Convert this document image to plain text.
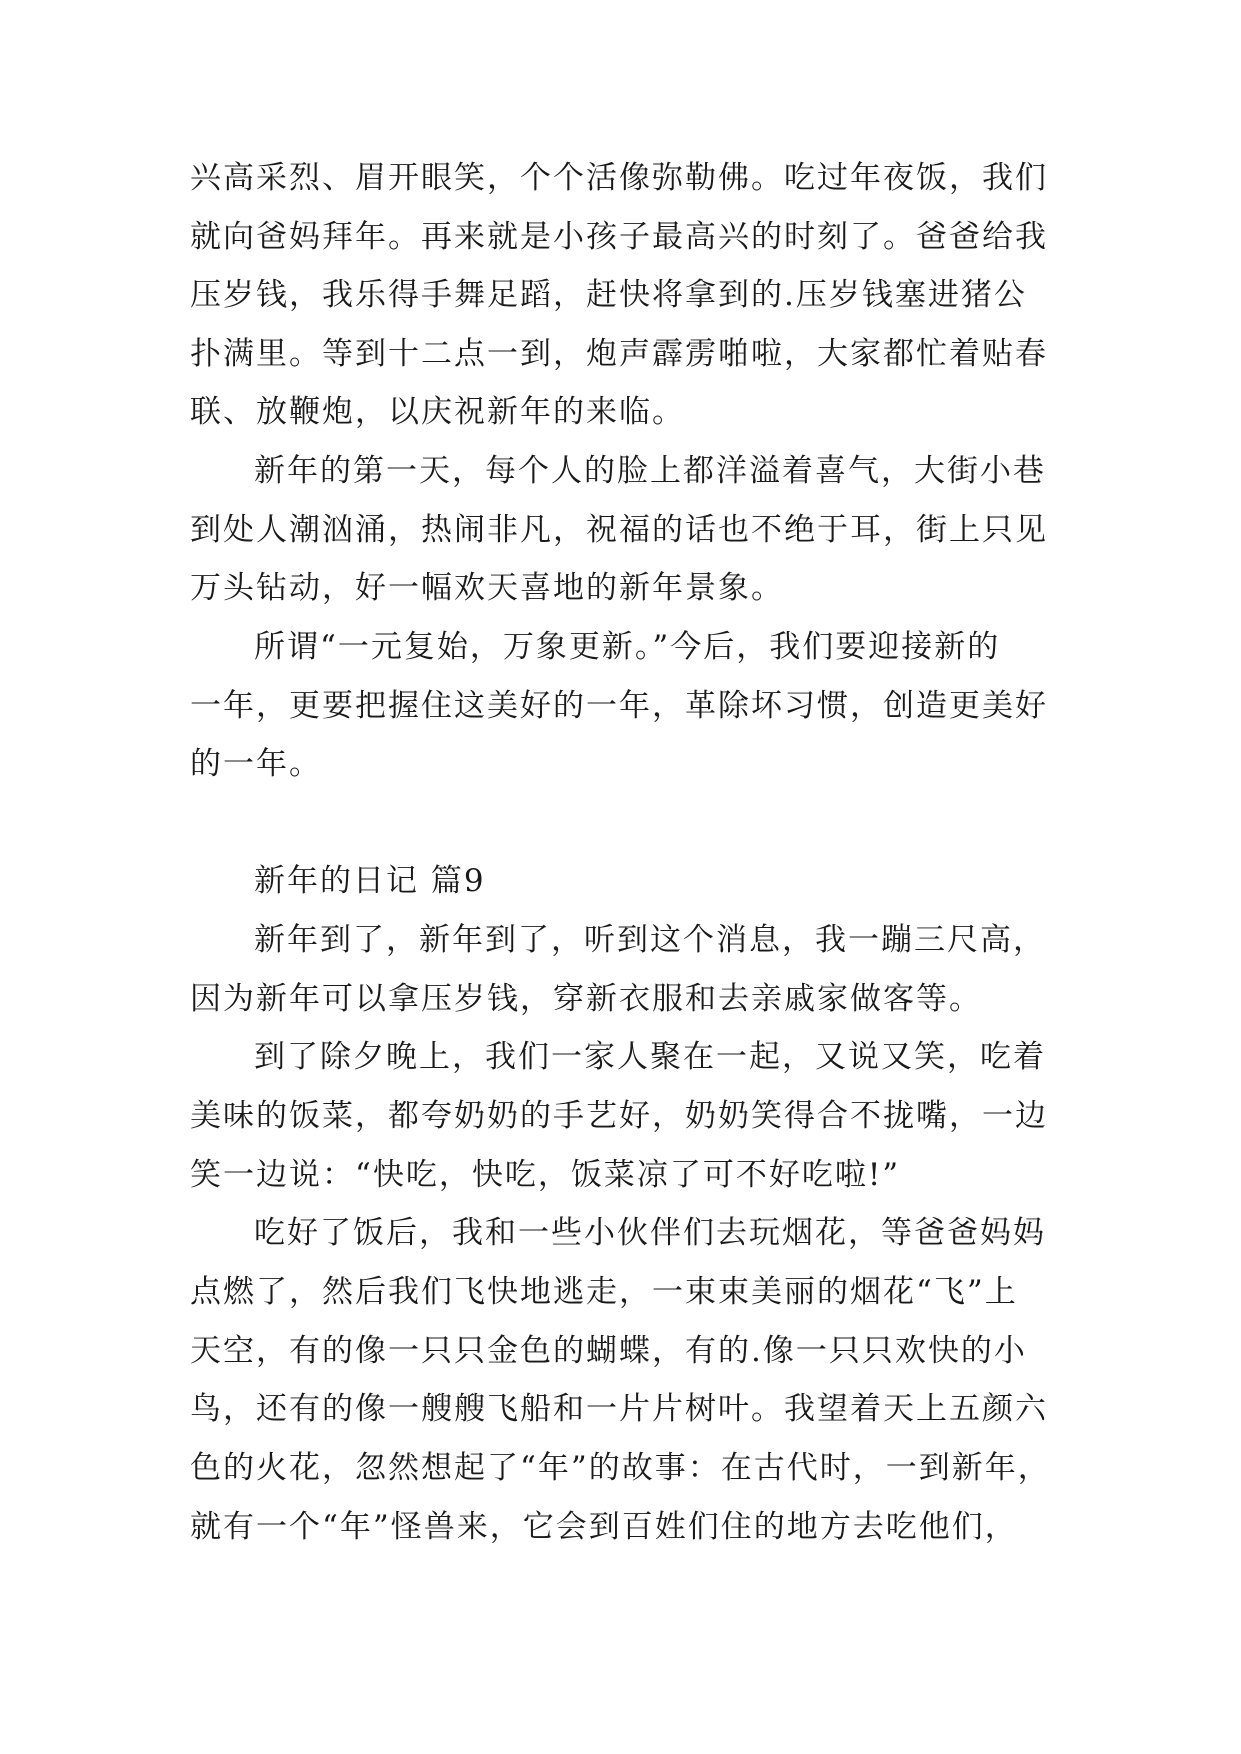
兴高采烈、眉开眼笑，个个活像弥勒佛。吃过年夜饭，我们
就向爸妈拜年。再来就是小孩子最高兴的时刻了。爸爸给我
压岁钱，我乐得手舞足蹈，赶快将拿到的.压岁钱塞进猪公
扑满里。等到十二点一到，炮声霹雳啪啦，大家都忙着贴春
联、放鞭炮，以庆祝新年的来临。
新年的第一天，每个人的脸上都洋溢着喜气，大街小巷
到处人潮汹涌，热闹非凡，祝福的话也不绝于耳，街上只见
万头钻动，好一幅欢天喜地的新年景象。
所谓“一元复始，万象更新。”今后，我们要迎接新的
一年，更要把握住这美好的一年，革除坏习惯，创造更美好
的一年。
新年的日记 篇9
新年到了，新年到了，听到这个消息，我一蹦三尺高，
因为新年可以拿压岁钱，穿新衣服和去亲戚家做客等。
到了除夕晚上，我们一家人聚在一起，又说又笑，吃着
美味的饭菜，都夸奶奶的手艺好，奶奶笑得合不拢嘴，一边
笑一边说：“快吃，快吃，饭菜凉了可不好吃啦!”
吃好了饭后，我和一些小伙伴们去玩烟花，等爸爸妈妈
点燃了，然后我们飞快地逃走，一束束美丽的烟花“飞”上
天空，有的像一只只金色的蝴蝶，有的.像一只只欢快的小
鸟，还有的像一艘艘飞船和一片片树叶。我望着天上五颜六
色的火花，忽然想起了“年”的故事：在古代时，一到新年，
就有一个“年”怪兽来，它会到百姓们住的地方去吃他们，
